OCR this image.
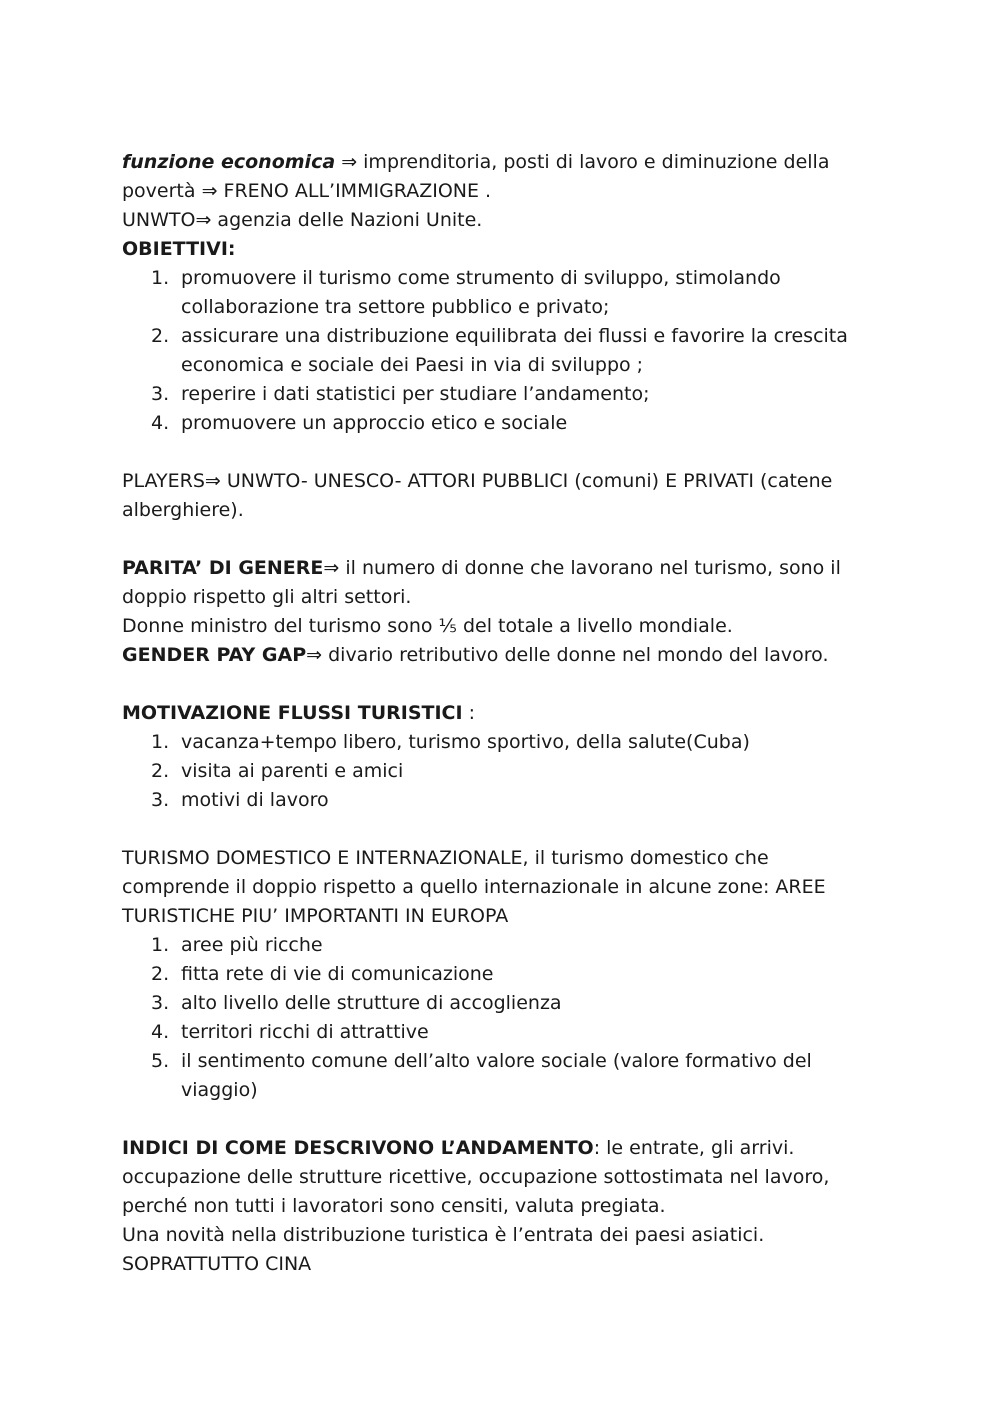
funzione economica ⇒ imprenditoria, posti di lavoro e diminuzione della povertà ⇒ FRENO ALL’IMMIGRAZIONE .

UNWTO⇒ agenzia delle Nazioni Unite.

OBIETTIVI:

1. promuovere il turismo come strumento di sviluppo, stimolando collaborazione tra settore pubblico e privato;
2. assicurare una distribuzione equilibrata dei flussi e favorire la crescita economica e sociale dei Paesi in via di sviluppo ;
3. reperire i dati statistici per studiare l’andamento;
4. promuovere un approccio etico e sociale

PLAYERS⇒ UNWTO- UNESCO- ATTORI PUBBLICI (comuni) E PRIVATI (catene alberghiere).

PARITA’ DI GENERE⇒ il numero di donne che lavorano nel turismo, sono il doppio rispetto gli altri settori.

Donne ministro del turismo sono ⅕ del totale a livello mondiale.

GENDER PAY GAP⇒ divario retributivo delle donne nel mondo del lavoro.

MOTIVAZIONE FLUSSI TURISTICI :

1. vacanza+tempo libero, turismo sportivo, della salute(Cuba)
2. visita ai parenti e amici
3. motivi di lavoro

TURISMO DOMESTICO E INTERNAZIONALE, il turismo domestico che comprende il doppio rispetto a quello internazionale in alcune zone: AREE TURISTICHE PIU’ IMPORTANTI IN EUROPA

1. aree più ricche
2. fitta rete di vie di comunicazione
3. alto livello delle strutture di accoglienza
4. territori ricchi di attrattive
5. il sentimento comune dell’alto valore sociale (valore formativo del viaggio)

INDICI DI COME DESCRIVONO L’ANDAMENTO: le entrate, gli arrivi. occupazione delle strutture ricettive, occupazione sottostimata nel lavoro, perché non tutti i lavoratori sono censiti, valuta pregiata.

Una novità nella distribuzione turistica è l’entrata dei paesi asiatici.

SOPRATTUTTO CINA
